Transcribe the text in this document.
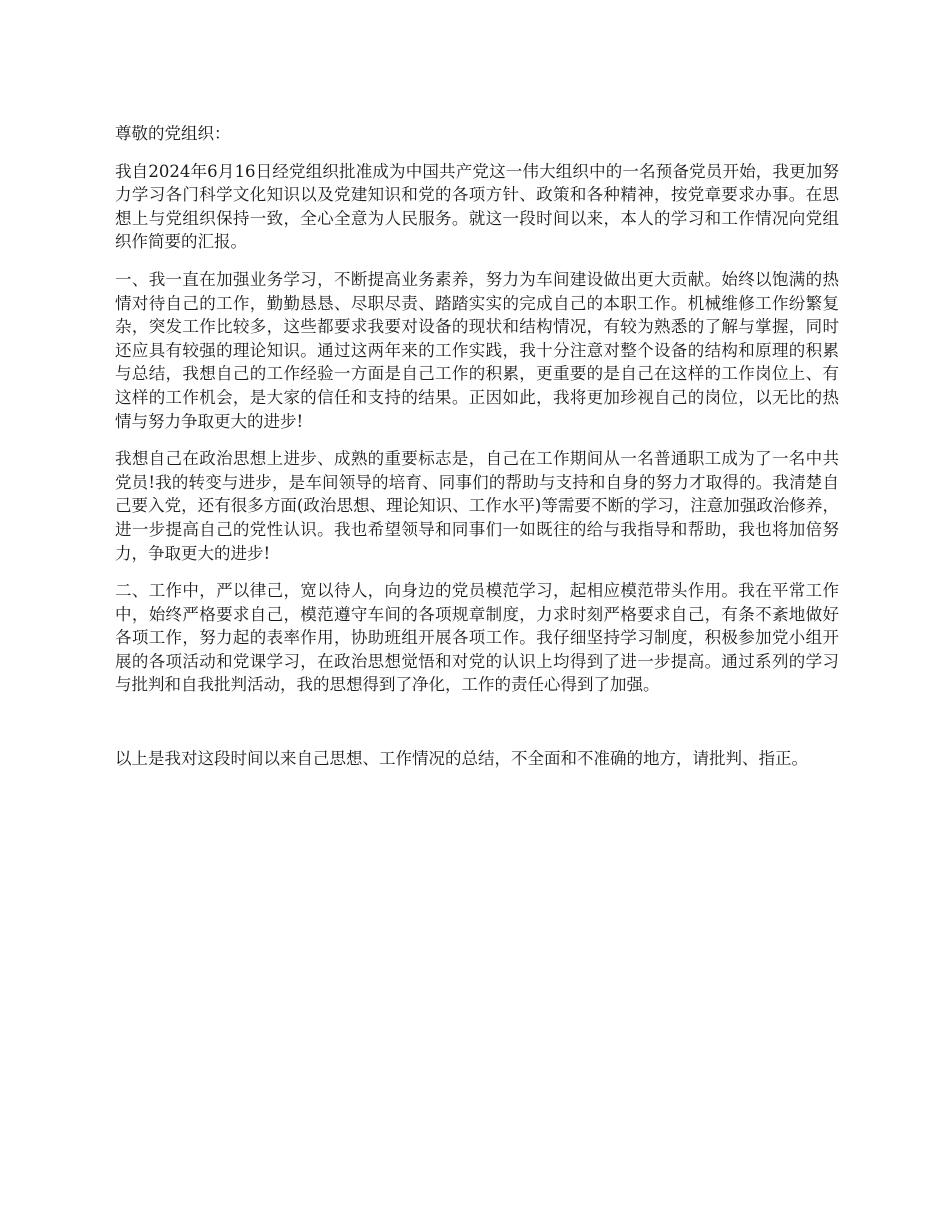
尊敬的党组织：

我自2024年6月16日经党组织批准成为中国共产党这一伟大组织中的一名预备党员开始，我更加努力学习各门科学文化知识以及党建知识和党的各项方针、政策和各种精神，按党章要求办事。在思想上与党组织保持一致，全心全意为人民服务。就这一段时间以来，本人的学习和工作情况向党组织作简要的汇报。

一、我一直在加强业务学习，不断提高业务素养，努力为车间建设做出更大贡献。始终以饱满的热情对待自己的工作，勤勤恳恳、尽职尽责、踏踏实实的完成自己的本职工作。机械维修工作纷繁复杂，突发工作比较多，这些都要求我要对设备的现状和结构情况，有较为熟悉的了解与掌握，同时还应具有较强的理论知识。通过这两年来的工作实践，我十分注意对整个设备的结构和原理的积累与总结，我想自己的工作经验一方面是自己工作的积累，更重要的是自己在这样的工作岗位上、有这样的工作机会，是大家的信任和支持的结果。正因如此，我将更加珍视自己的岗位，以无比的热情与努力争取更大的进步!

我想自己在政治思想上进步、成熟的重要标志是，自己在工作期间从一名普通职工成为了一名中共党员!我的转变与进步，是车间领导的培育、同事们的帮助与支持和自身的努力才取得的。我清楚自己要入党，还有很多方面(政治思想、理论知识、工作水平)等需要不断的学习，注意加强政治修养，进一步提高自己的党性认识。我也希望领导和同事们一如既往的给与我指导和帮助，我也将加倍努力，争取更大的进步!

二、工作中，严以律己，宽以待人，向身边的党员模范学习，起相应模范带头作用。我在平常工作中，始终严格要求自己，模范遵守车间的各项规章制度，力求时刻严格要求自己，有条不紊地做好各项工作，努力起的表率作用，协助班组开展各项工作。我仔细坚持学习制度，积极参加党小组开展的各项活动和党课学习，在政治思想觉悟和对党的认识上均得到了进一步提高。通过系列的学习与批判和自我批判活动，我的思想得到了净化，工作的责任心得到了加强。

以上是我对这段时间以来自己思想、工作情况的总结，不全面和不准确的地方，请批判、指正。
